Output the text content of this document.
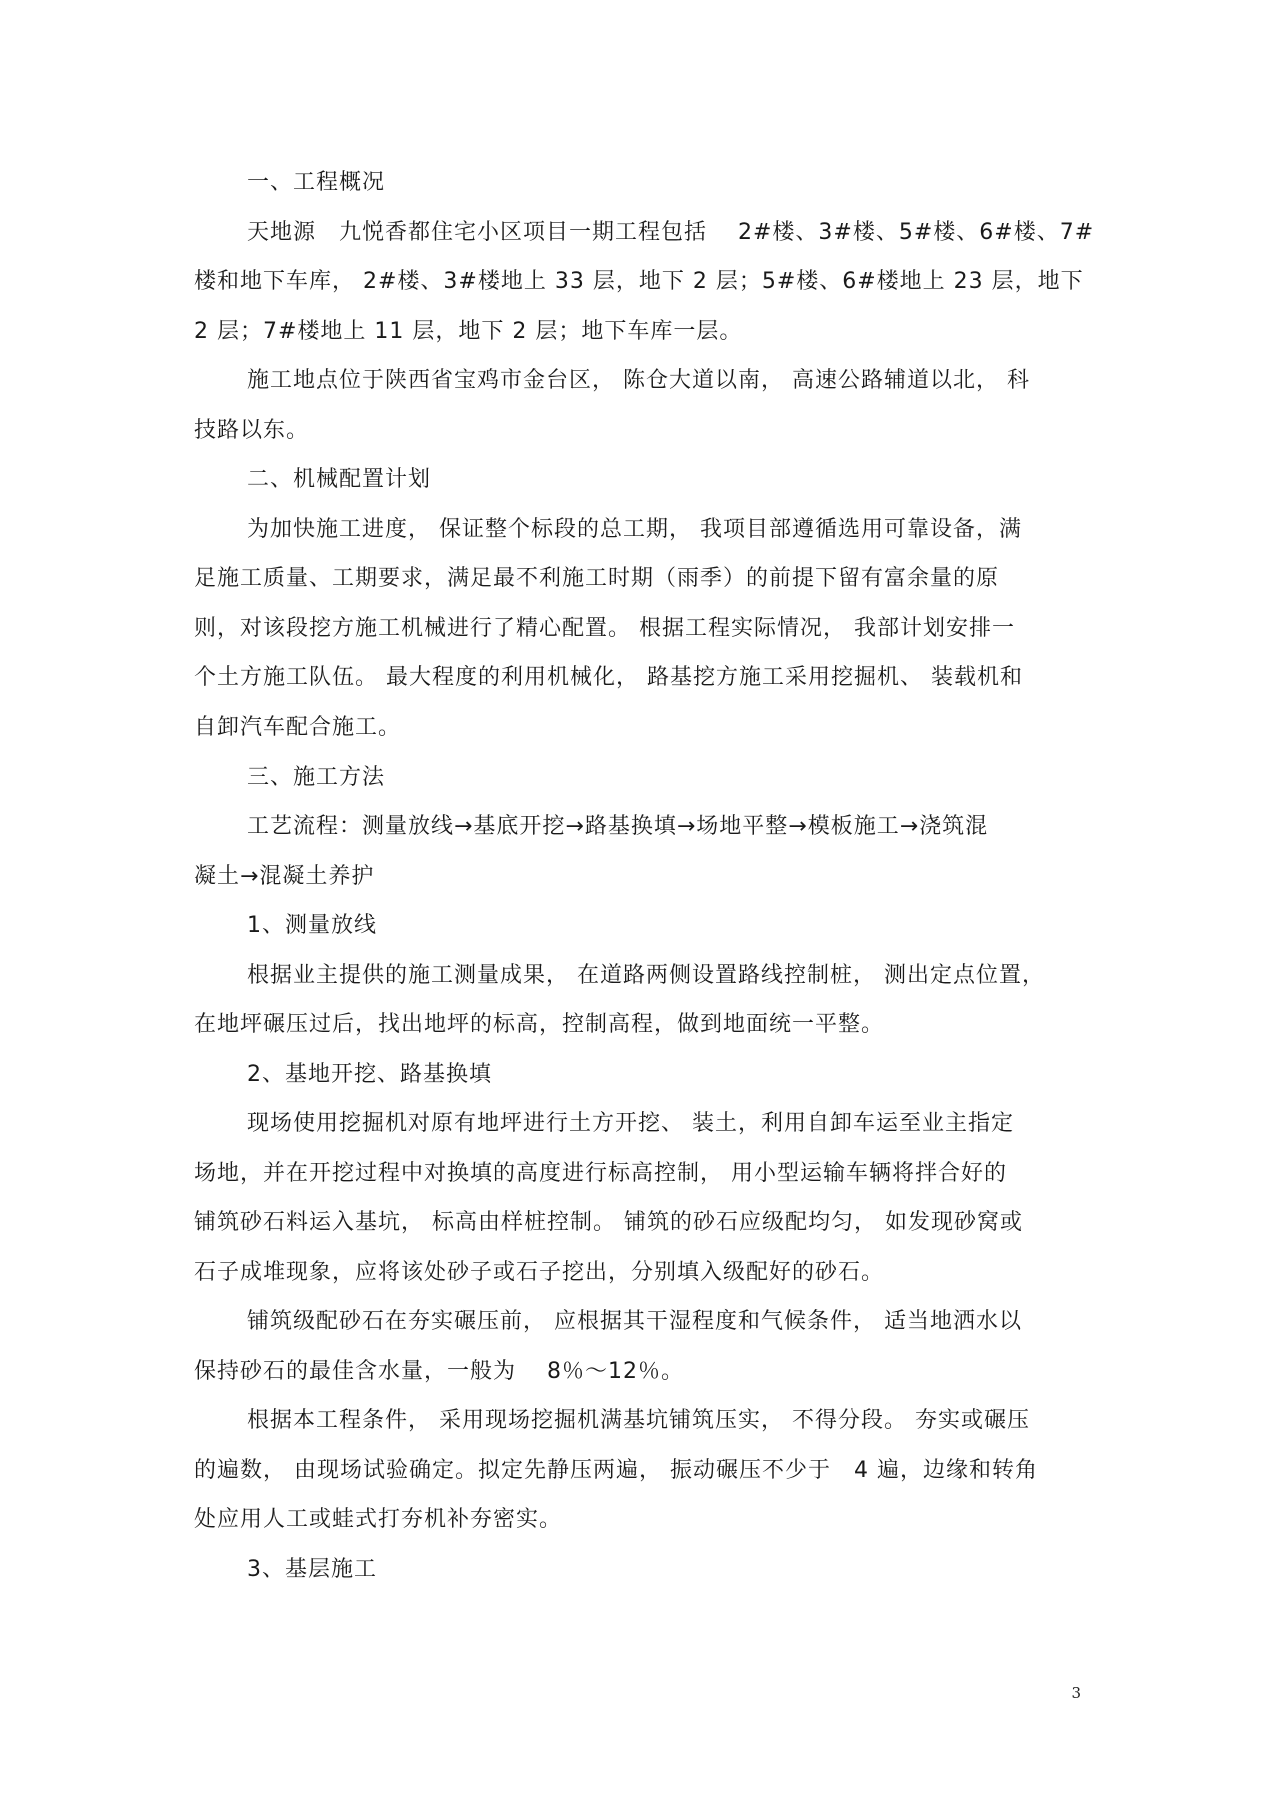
一、工程概况
天地源　九悦香都住宅小区项目一期工程包括　 2#楼、3#楼、5#楼、6#楼、7#
楼和地下车库， 2#楼、3#楼地上 33 层，地下 2 层；5#楼、6#楼地上 23 层，地下
2 层；7#楼地上 11 层，地下 2 层；地下车库一层。
施工地点位于陕西省宝鸡市金台区， 陈仓大道以南， 高速公路辅道以北， 科
技路以东。
二、机械配置计划
为加快施工进度， 保证整个标段的总工期， 我项目部遵循选用可靠设备，满
足施工质量、工期要求，满足最不利施工时期（雨季）的前提下留有富余量的原
则，对该段挖方施工机械进行了精心配置。 根据工程实际情况， 我部计划安排一
个土方施工队伍。 最大程度的利用机械化， 路基挖方施工采用挖掘机、 装载机和
自卸汽车配合施工。
三、施工方法
工艺流程：测量放线→基底开挖→路基换填→场地平整→模板施工→浇筑混
凝土→混凝土养护
1、测量放线
根据业主提供的施工测量成果， 在道路两侧设置路线控制桩， 测出定点位置，
在地坪碾压过后，找出地坪的标高，控制高程，做到地面统一平整。
2、基地开挖、路基换填
现场使用挖掘机对原有地坪进行土方开挖、 装土，利用自卸车运至业主指定
场地，并在开挖过程中对换填的高度进行标高控制， 用小型运输车辆将拌合好的
铺筑砂石料运入基坑， 标高由样桩控制。 铺筑的砂石应级配均匀， 如发现砂窝或
石子成堆现象，应将该处砂子或石子挖出，分别填入级配好的砂石。
铺筑级配砂石在夯实碾压前， 应根据其干湿程度和气候条件， 适当地洒水以
保持砂石的最佳含水量，一般为　 8％～12％。
根据本工程条件， 采用现场挖掘机满基坑铺筑压实， 不得分段。 夯实或碾压
的遍数， 由现场试验确定。拟定先静压两遍， 振动碾压不少于　4 遍，边缘和转角
处应用人工或蛙式打夯机补夯密实。
3、基层施工
3
